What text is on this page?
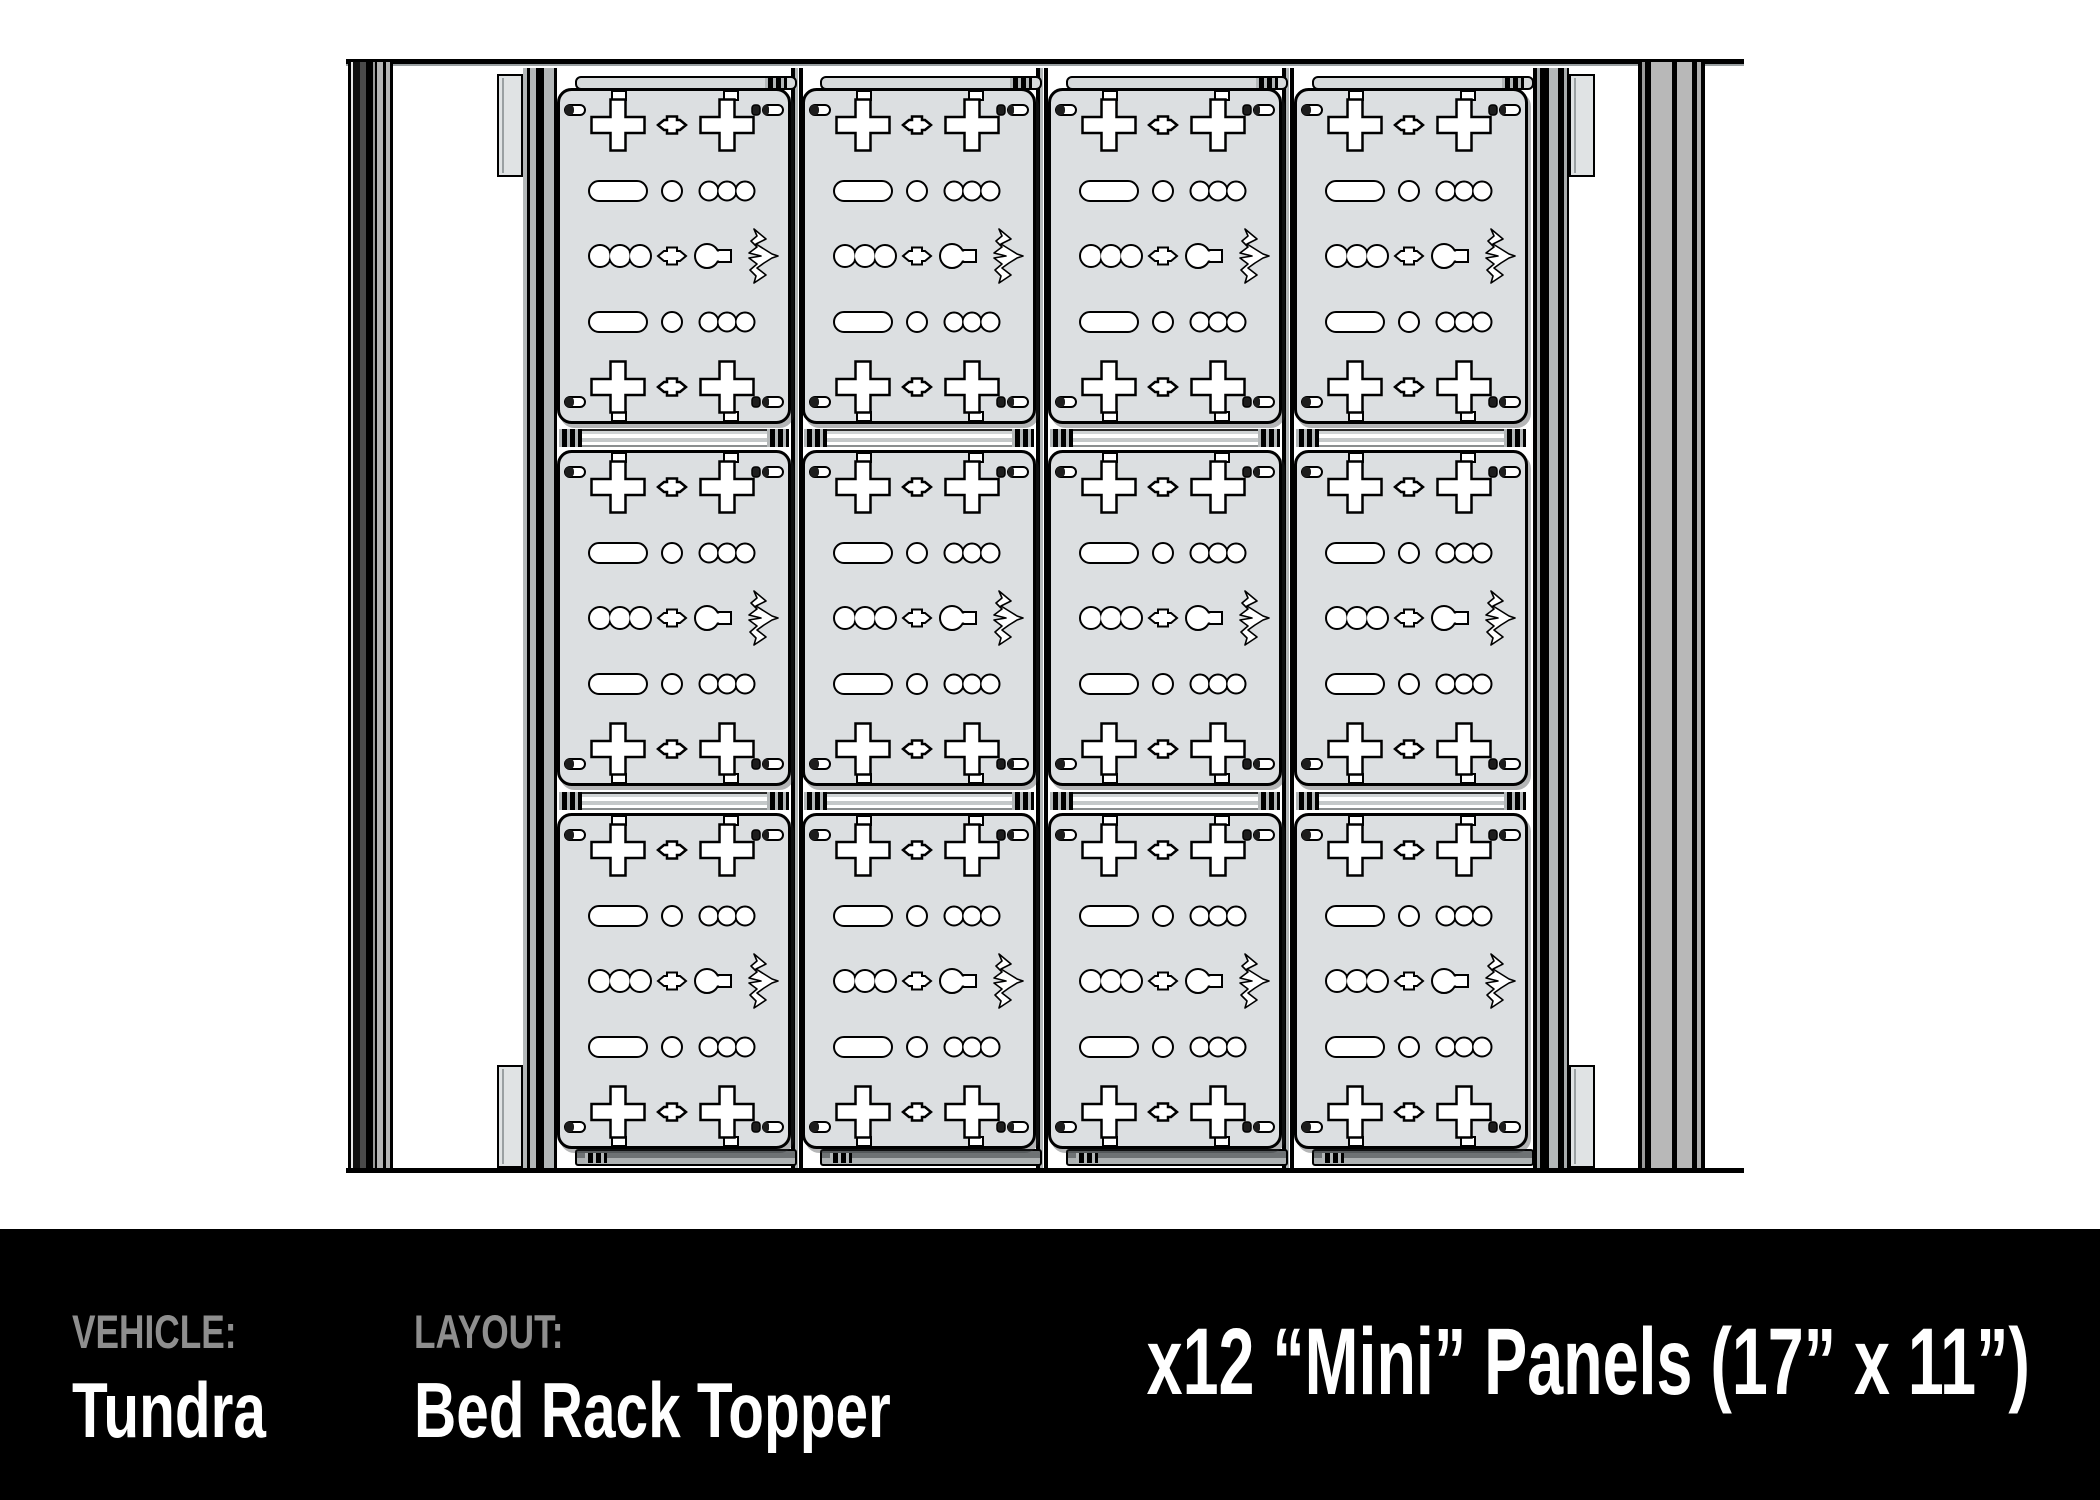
VEHICLE:
Tundra
LAYOUT:
Bed Rack Topper	x12 “Mini” Panels (17” x 11”)
